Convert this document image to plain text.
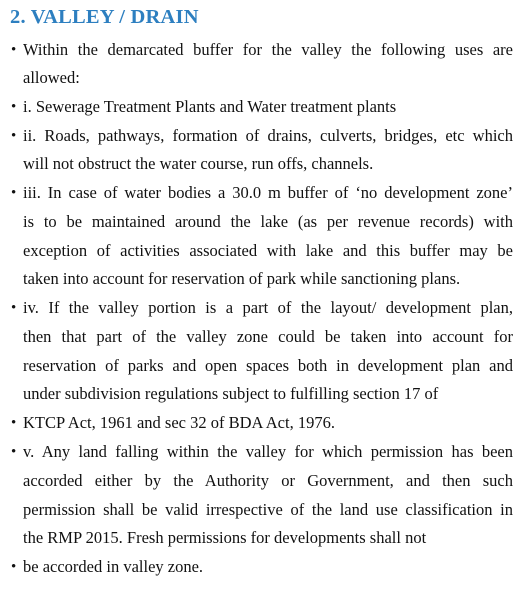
2. VALLEY / DRAIN
•
•
•
•
•
•
•
•
Within the demarcated buffer for the valley the following uses are
allowed:
i. Sewerage Treatment Plants and Water treatment plants
ii. Roads, pathways, formation of drains, culverts, bridges, etc which
will not obstruct the water course, run offs, channels.
iii. In case of water bodies a 30.0 m buffer of ‘no development zone’
is to be maintained around the lake (as per revenue records) with
exception of activities associated with lake and this buffer may be
taken into account for reservation of park while sanctioning plans.
iv. If the valley portion is a part of the layout/ development plan,
then that part of the valley zone could be taken into account for
reservation of parks and open spaces both in development plan and
under subdivision regulations subject to fulfilling section 17 of
KTCP Act, 1961 and sec 32 of BDA Act, 1976.
v. Any land falling within the valley for which permission has been
accorded either by the Authority or Government, and then such
permission shall be valid irrespective of the land use classification in
the RMP 2015. Fresh permissions for developments shall not
be accorded in valley zone.
